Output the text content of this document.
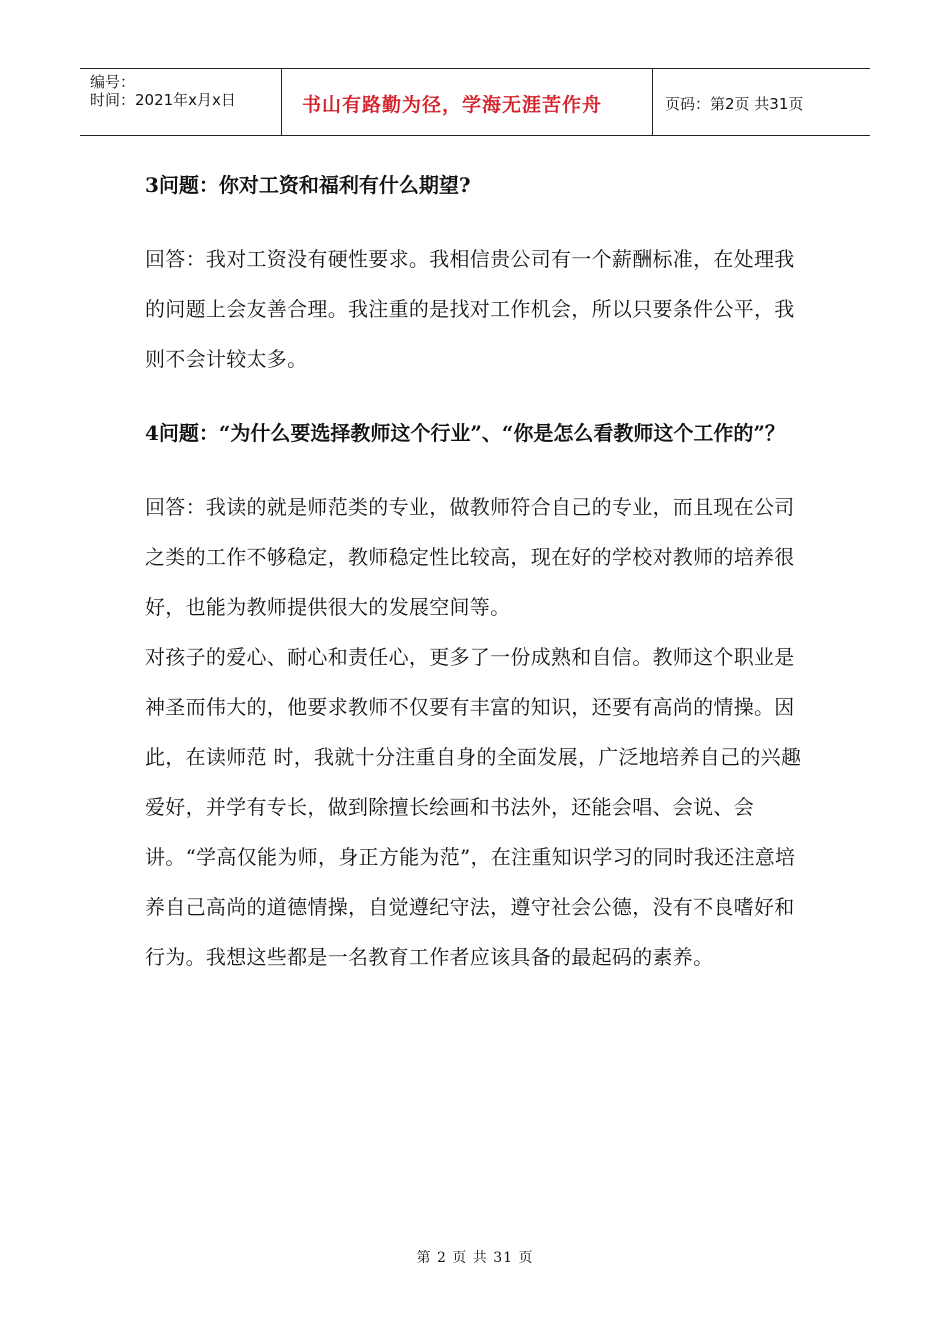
编号：
时间：2021年x月x日	书山有路勤为径，学海无涯苦作舟	页码：第2页 共31页

3问题：你对工资和福利有什么期望?

回答：我对工资没有硬性要求。我相信贵公司有一个薪酬标准，在处理我的问题上会友善合理。我注重的是找对工作机会，所以只要条件公平，我则不会计较太多。

4问题：“为什么要选择教师这个行业”、“你是怎么看教师这个工作的”？

回答：我读的就是师范类的专业，做教师符合自己的专业，而且现在公司之类的工作不够稳定，教师稳定性比较高，现在好的学校对教师的培养很好，也能为教师提供很大的发展空间等。

对孩子的爱心、耐心和责任心，更多了一份成熟和自信。教师这个职业是神圣而伟大的，他要求教师不仅要有丰富的知识，还要有高尚的情操。因此，在读师范 时，我就十分注重自身的全面发展，广泛地培养自己的兴趣爱好，并学有专长，做到除擅长绘画和书法外，还能会唱、会说、会讲。“学高仅能为师，身正方能为范”，在注重知识学习的同时我还注意培养自己高尚的道德情操，自觉遵纪守法，遵守社会公德，没有不良嗜好和行为。我想这些都是一名教育工作者应该具备的最起码的素养。

第 2 页 共 31 页
